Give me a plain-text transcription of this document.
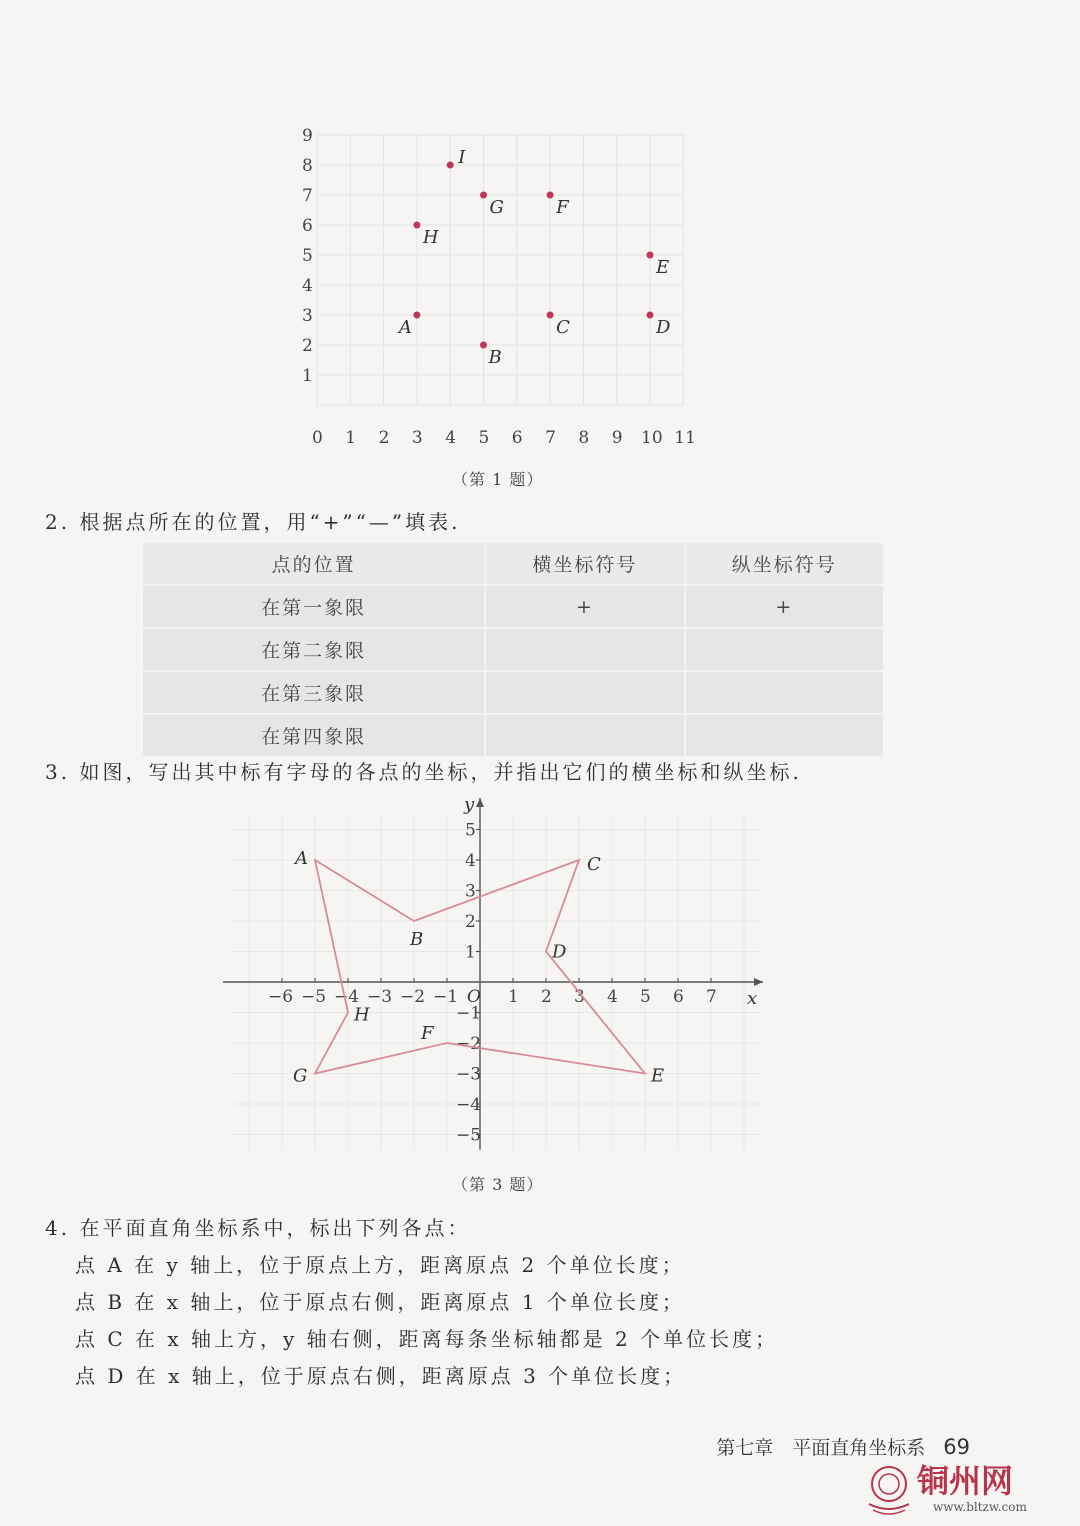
0 1 2 3 4 5 6 7 8 9 10 11
1
2
3
4
5
6
7
8
9
A
B
C	D
E
F
G
H
I
（第 1 题）
2. 根据点所在的位置，用“+”“—”填表.
点的位置	横坐标符号	纵坐标符号
在第一象限	+	+
在第二象限		
在第三象限		
在第四象限		
3. 如图，写出其中标有字母的各点的坐标，并指出它们的横坐标和纵坐标.
x
y
O
−6 −5 −4 −3 −2 −1	1 2 3 4 5 6 7
5
4
3
2
1
−1
−2
−3
−4
−5
A
B
C
D
E
F
G
H
（第 3 题）
4. 在平面直角坐标系中，标出下列各点：
点 A 在 y 轴上，位于原点上方，距离原点 2 个单位长度；
点 B 在 x 轴上，位于原点右侧，距离原点 1 个单位长度；
点 C 在 x 轴上方，y 轴右侧，距离每条坐标轴都是 2 个单位长度；
点 D 在 x 轴上，位于原点右侧，距离原点 3 个单位长度；
第七章　平面直角坐标系 69
铜州网
www.bltzw.com
